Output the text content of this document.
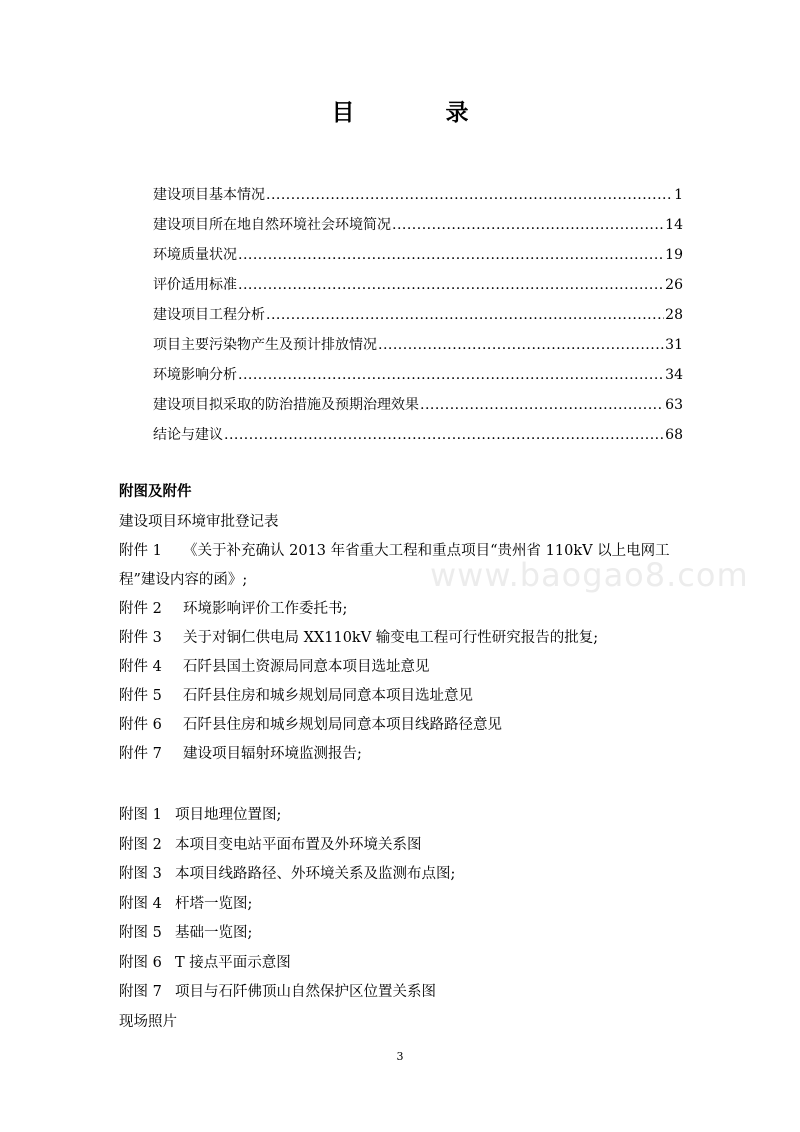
目　录
建设项目基本情况 .....	1
建设项目所在地自然环境社会环境简况 .....	14
环境质量状况 .....	19
评价适用标准 .....	26
建设项目工程分析 .....	28
项目主要污染物产生及预计排放情况 .....	31
环境影响分析 .....	34
建设项目拟采取的防治措施及预期治理效果 .....	63
结论与建议 .....	68
附图及附件
建设项目环境审批登记表
附件 1 《关于补充确认 2013 年省重大工程和重点项目“贵州省 110kV 以上电网工程”建设内容的函》;
附件 2 环境影响评价工作委托书;
附件 3 关于对铜仁供电局 XX110kV 输变电工程可行性研究报告的批复;
附件 4 石阡县国土资源局同意本项目选址意见
附件 5 石阡县住房和城乡规划局同意本项目选址意见
附件 6 石阡县住房和城乡规划局同意本项目线路路径意见
附件 7 建设项目辐射环境监测报告;
www.baogao8.com
附图 1 项目地理位置图;
附图 2 本项目变电站平面布置及外环境关系图
附图 3 本项目线路路径、外环境关系及监测布点图;
附图 4 杆塔一览图;
附图 5 基础一览图;
附图 6 T 接点平面示意图
附图 7 项目与石阡佛顶山自然保护区位置关系图
现场照片
3
